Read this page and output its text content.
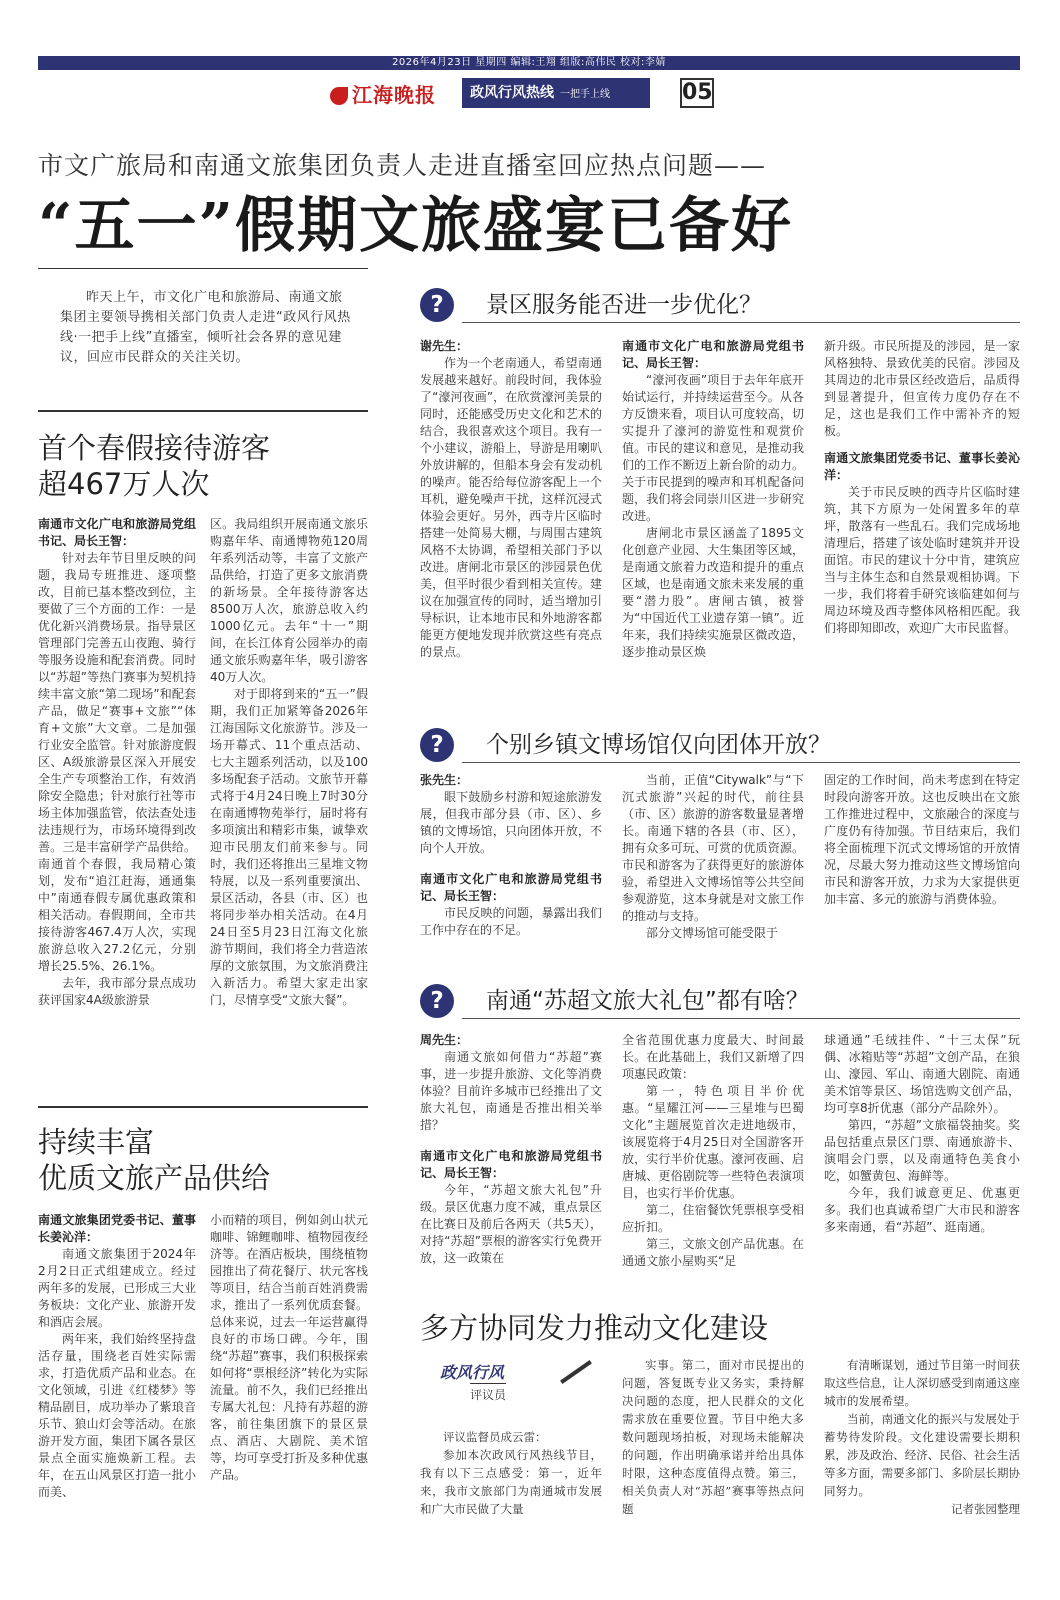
2026年4月23日 星期四 编辑:王翔 组版:高伟民 校对:李婧
江海晚报	政风行风热线 一把手上线	05
市文广旅局和南通文旅集团负责人走进直播室回应热点问题——
“五一”假期文旅盛宴已备好
昨天上午，市文化广电和旅游局、南通文旅集团主要领导携相关部门负责人走进“政风行风热线·一把手上线”直播室，倾听社会各界的意见建议，回应市民群众的关注关切。
首个春假接待游客
超467万人次

南通市文化广电和旅游局党组书记、局长王智：

针对去年节目里反映的问题，我局专班推进、逐项整改，目前已基本整改到位，主要做了三个方面的工作：一是优化新兴消费场景。指导景区管理部门完善五山夜跑、骑行等服务设施和配套消费。同时以“苏超”等热门赛事为契机持续丰富文旅“第二现场”和配套产品，做足“赛事+文旅”“体育+文旅”大文章。二是加强行业安全监管。针对旅游度假区、A级旅游景区深入开展安全生产专项整治工作，有效消除安全隐患；针对旅行社等市场主体加强监管，依法查处违法违规行为，市场环境得到改善。三是丰富研学产品供给。南通首个春假，我局精心策划，发布“追江赶海，通通集中”南通春假专属优惠政策和相关活动。春假期间，全市共接待游客467.4万人次，实现旅游总收入27.2亿元，分别增长25.5%、26.1%。

去年，我市部分景点成功获评国家4A级旅游景

区。我局组织开展南通文旅乐购嘉年华、南通博物苑120周年系列活动等，丰富了文旅产品供给，打造了更多文旅消费的新场景。全年接待游客达8500万人次，旅游总收入约1000亿元。去年“十一”期间，在长江体育公园举办的南通文旅乐购嘉年华，吸引游客40万人次。

对于即将到来的“五一”假期，我们正加紧筹备2026年江海国际文化旅游节。涉及一场开幕式、11个重点活动、七大主题系列活动，以及100多场配套子活动。文旅节开幕式将于4月24日晚上7时30分在南通博物苑举行，届时将有多项演出和精彩市集，诚挚欢迎市民朋友们前来参与。同时，我们还将推出三星堆文物特展，以及一系列重要演出、景区活动，各县（市、区）也将同步举办相关活动。在4月24日至5月23日江海文化旅游节期间，我们将全力营造浓厚的文旅氛围，为文旅消费注入新活力。希望大家走出家门，尽情享受“文旅大餐”。

持续丰富
优质文旅产品供给

南通文旅集团党委书记、董事长姜沁洋：

南通文旅集团于2024年2月2日正式组建成立。经过两年多的发展，已形成三大业务板块：文化产业、旅游开发和酒店会展。

两年来，我们始终坚持盘活存量，围绕老百姓实际需求，打造优质产品和业态。在文化领域，引进《红楼梦》等精品剧目，成功举办了紫琅音乐节、狼山灯会等活动。在旅游开发方面，集团下属各景区景点全面实施焕新工程。去年，在五山风景区打造一批小而美、

小而精的项目，例如剑山状元咖啡、锦鲤咖啡、植物园夜经济等。在酒店板块，围绕植物园推出了荷花餐厅、状元客栈等项目，结合当前百姓消费需求，推出了一系列优质套餐。总体来说，过去一年运营赢得良好的市场口碑。今年，围绕“苏超”赛事，我们积极探索如何将“票根经济”转化为实际流量。前不久，我们已经推出专属大礼包：凡持有苏超的游客，前往集团旗下的景区景点、酒店、大剧院、美术馆等，均可享受打折及多种优惠产品。

?	景区服务能否进一步优化？

谢先生：

作为一个老南通人，希望南通发展越来越好。前段时间，我体验了“濠河夜画”，在欣赏濠河美景的同时，还能感受历史文化和艺术的结合，我很喜欢这个项目。我有一个小建议，游船上，导游是用喇叭外放讲解的，但船本身会有发动机的噪声。能否给每位游客配上一个耳机，避免噪声干扰，这样沉浸式体验会更好。另外，西寺片区临时搭建一处简易大棚，与周围古建筑风格不太协调，希望相关部门予以改进。唐闸北市景区的涉园景色优美，但平时很少看到相关宣传。建议在加强宣传的同时，适当增加引导标识，让本地市民和外地游客都能更方便地发现并欣赏这些有亮点的景点。

南通市文化广电和旅游局党组书记、局长王智：

“濠河夜画”项目于去年年底开始试运行，并持续运营至今。从各方反馈来看，项目认可度较高，切实提升了濠河的游览性和观赏价值。市民的建议和意见，是推动我们的工作不断迈上新台阶的动力。关于市民提到的噪声和耳机配备问题，我们将会同崇川区进一步研究改进。

唐闸北市景区涵盖了1895文化创意产业园、大生集团等区域，是南通文旅着力改造和提升的重点区域，也是南通文旅未来发展的重要“潜力股”。唐闸古镇，被誉为“中国近代工业遗存第一镇”。近年来，我们持续实施景区微改造，逐步推动景区焕

新升级。市民所提及的涉园，是一家风格独特、景致优美的民宿。涉园及其周边的北市景区经改造后，品质得到显著提升，但宣传力度仍存在不足，这也是我们工作中需补齐的短板。

南通文旅集团党委书记、董事长姜沁洋：

关于市民反映的西寺片区临时建筑，其下方原为一处闲置多年的草坪，散落有一些乱石。我们完成场地清理后，搭建了该处临时建筑并开设面馆。市民的建议十分中肯，建筑应当与主体生态和自然景观相协调。下一步，我们将着手研究该临建如何与周边环境及西寺整体风格相匹配。我们将即知即改，欢迎广大市民监督。

?	个别乡镇文博场馆仅向团体开放？

张先生：

眼下鼓励乡村游和短途旅游发展，但我市部分县（市、区）、乡镇的文博场馆，只向团体开放，不向个人开放。

南通市文化广电和旅游局党组书记、局长王智：

市民反映的问题，暴露出我们工作中存在的不足。

当前，正值“Citywalk”与“下沉式旅游”兴起的时代，前往县（市、区）旅游的游客数量显著增长。南通下辖的各县（市、区），拥有众多可玩、可赏的优质资源。市民和游客为了获得更好的旅游体验，希望进入文博场馆等公共空间参观游览，这本身就是对文旅工作的推动与支持。

部分文博场馆可能受限于

固定的工作时间，尚未考虑到在特定时段向游客开放。这也反映出在文旅工作推进过程中，文旅融合的深度与广度仍有待加强。节目结束后，我们将全面梳理下沉式文博场馆的开放情况，尽最大努力推动这些文博场馆向市民和游客开放，力求为大家提供更加丰富、多元的旅游与消费体验。

?	南通“苏超文旅大礼包”都有啥？

周先生：

南通文旅如何借力“苏超”赛事，进一步提升旅游、文化等消费体验？目前许多城市已经推出了文旅大礼包，南通是否推出相关举措？

南通市文化广电和旅游局党组书记、局长王智：

今年，“苏超文旅大礼包”升级。景区优惠力度不减，重点景区在比赛日及前后各两天（共5天），对持“苏超”票根的游客实行免费开放，这一政策在

全省范围优惠力度最大、时间最长。在此基础上，我们又新增了四项惠民政策：

第一，特色项目半价优惠。“星耀江河——三星堆与巴蜀文化”主题展览首次走进地级市，该展览将于4月25日对全国游客开放，实行半价优惠。濠河夜画、启唐城、更俗剧院等一些特色表演项目，也实行半价优惠。

第二，住宿餐饮凭票根享受相应折扣。

第三，文旅文创产品优惠。在通通文旅小屋购买“足

球通通”毛绒挂件、“十三太保”玩偶、冰箱贴等“苏超”文创产品，在狼山、濠园、军山、南通大剧院、南通美术馆等景区、场馆选购文创产品，均可享8折优惠（部分产品除外）。

第四，“苏超”文旅福袋抽奖。奖品包括重点景区门票、南通旅游卡、演唱会门票，以及南通特色美食小吃，如蟹黄包、海鲜等。

今年，我们诚意更足、优惠更多。我们也真诚希望广大市民和游客多来南通，看“苏超”、逛南通。

多方协同发力推动文化建设
政风行风
评议员

评议监督员成云雷：

参加本次政风行风热线节目，我有以下三点感受：第一，近年来，我市文旅部门为南通城市发展和广大市民做了大量

实事。第二，面对市民提出的问题，答复既专业又务实，秉持解决问题的态度，把人民群众的文化需求放在重要位置。节目中绝大多数问题现场拍板，对现场未能解决的问题，作出明确承诺并给出具体时限，这种态度值得点赞。第三，相关负责人对“苏超”赛事等热点问题

有清晰谋划，通过节目第一时间获取这些信息，让人深切感受到南通这座城市的发展希望。

当前，南通文化的振兴与发展处于蓄势待发阶段。文化建设需要长期积累，涉及政治、经济、民俗、社会生活等多方面，需要多部门、多阶层长期协同努力。

记者张园整理
